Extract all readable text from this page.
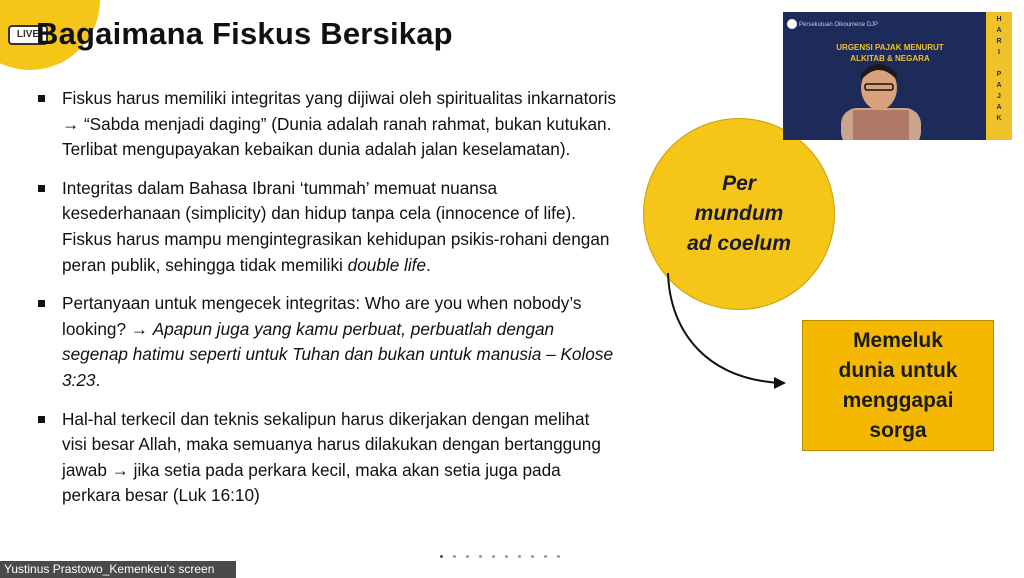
LIVE
Bagaimana Fiskus Bersikap
Fiskus harus memiliki integritas yang dijiwai oleh spiritualitas inkarnatoris → “Sabda menjadi daging” (Dunia adalah ranah rahmat, bukan kutukan. Terlibat mengupayakan kebaikan dunia adalah jalan keselamatan).
Integritas dalam Bahasa Ibrani ‘tummah’ memuat nuansa kesederhanaan (simplicity) dan hidup tanpa cela (innocence of life). Fiskus harus mampu mengintegrasikan kehidupan psikis-rohani dengan peran publik, sehingga tidak memiliki double life.
Pertanyaan untuk mengecek integritas: Who are you when nobody’s looking? → Apapun juga yang kamu perbuat, perbuatlah dengan segenap hatimu seperti untuk Tuhan dan bukan untuk manusia – Kolose 3:23.
Hal-hal terkecil dan teknis sekalipun harus dikerjakan dengan melihat visi besar Allah, maka semuanya harus dilakukan dengan bertanggung jawab → jika setia pada perkara kecil, maka akan setia juga pada perkara besar (Luk 16:10)
Per
mundum
ad coelum
Memeluk
dunia untuk
menggapai
sorga
Persekutuan Oikoumene DJP
URGENSI PAJAK MENURUT
ALKITAB & NEGARA
H
A
R
I
P
A
J
A
K
Yustinus Prastowo_Kemenkeu's screen
